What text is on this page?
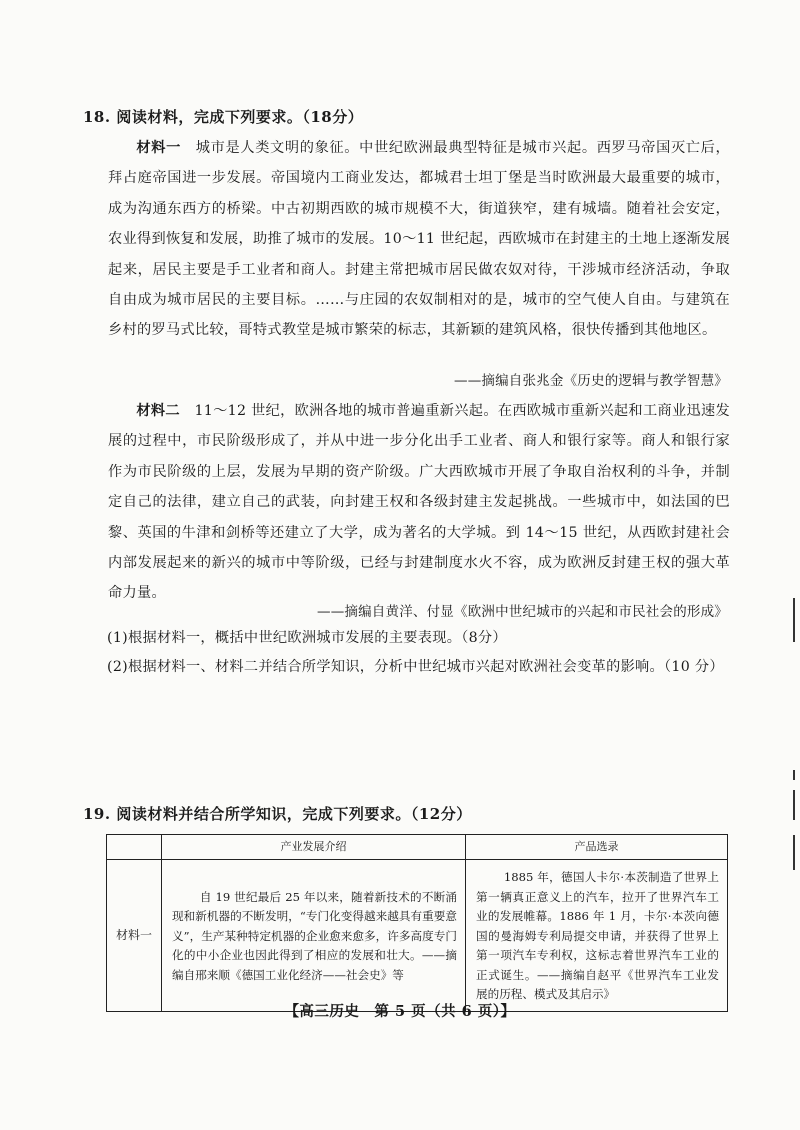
18. 阅读材料，完成下列要求。（18分）
材料一　 城市是人类文明的象征。中世纪欧洲最典型特征是城市兴起。西罗马帝国灭亡后，拜占庭帝国进一步发展。帝国境内工商业发达，都城君士坦丁堡是当时欧洲最大最重要的城市，成为沟通东西方的桥梁。中古初期西欧的城市规模不大，街道狭窄，建有城墙。随着社会安定，农业得到恢复和发展，助推了城市的发展。10～11 世纪起，西欧城市在封建主的土地上逐渐发展起来，居民主要是手工业者和商人。封建主常把城市居民做农奴对待，干涉城市经济活动，争取自由成为城市居民的主要目标。……与庄园的农奴制相对的是，城市的空气使人自由。与建筑在乡村的罗马式比较，哥特式教堂是城市繁荣的标志，其新颖的建筑风格，很快传播到其他地区。
——摘编自张兆金《历史的逻辑与教学智慧》
材料二　 11～12 世纪，欧洲各地的城市普遍重新兴起。在西欧城市重新兴起和工商业迅速发展的过程中，市民阶级形成了，并从中进一步分化出手工业者、商人和银行家等。商人和银行家作为市民阶级的上层，发展为早期的资产阶级。广大西欧城市开展了争取自治权利的斗争，并制定自己的法律，建立自己的武装，向封建王权和各级封建主发起挑战。一些城市中，如法国的巴黎、英国的牛津和剑桥等还建立了大学，成为著名的大学城。到 14～15 世纪，从西欧封建社会内部发展起来的新兴的城市中等阶级，已经与封建制度水火不容，成为欧洲反封建王权的强大革命力量。
——摘编自黄洋、付显《欧洲中世纪城市的兴起和市民社会的形成》
(1)根据材料一，概括中世纪欧洲城市发展的主要表现。（8分）
(2)根据材料一、材料二并结合所学知识，分析中世纪城市兴起对欧洲社会变革的影响。（10 分）
19. 阅读材料并结合所学知识，完成下列要求。（12分）
	产业发展介绍	产品选录
材料一	自 19 世纪最后 25 年以来，随着新技术的不断涌现和新机器的不断发明，“专门化变得越来越具有重要意义”，生产某种特定机器的企业愈来愈多，许多高度专门化的中小企业也因此得到了相应的发展和壮大。——摘编自邢来顺《德国工业化经济——社会史》等	1885 年，德国人卡尔·本茨制造了世界上第一辆真正意义上的汽车，拉开了世界汽车工业的发展帷幕。1886 年 1 月，卡尔·本茨向德国的曼海姆专利局提交申请，并获得了世界上第一项汽车专利权，这标志着世界汽车工业的正式诞生。——摘编自赵平《世界汽车工业发展的历程、模式及其启示》
【高三历史　第 5 页（共 6 页）】
